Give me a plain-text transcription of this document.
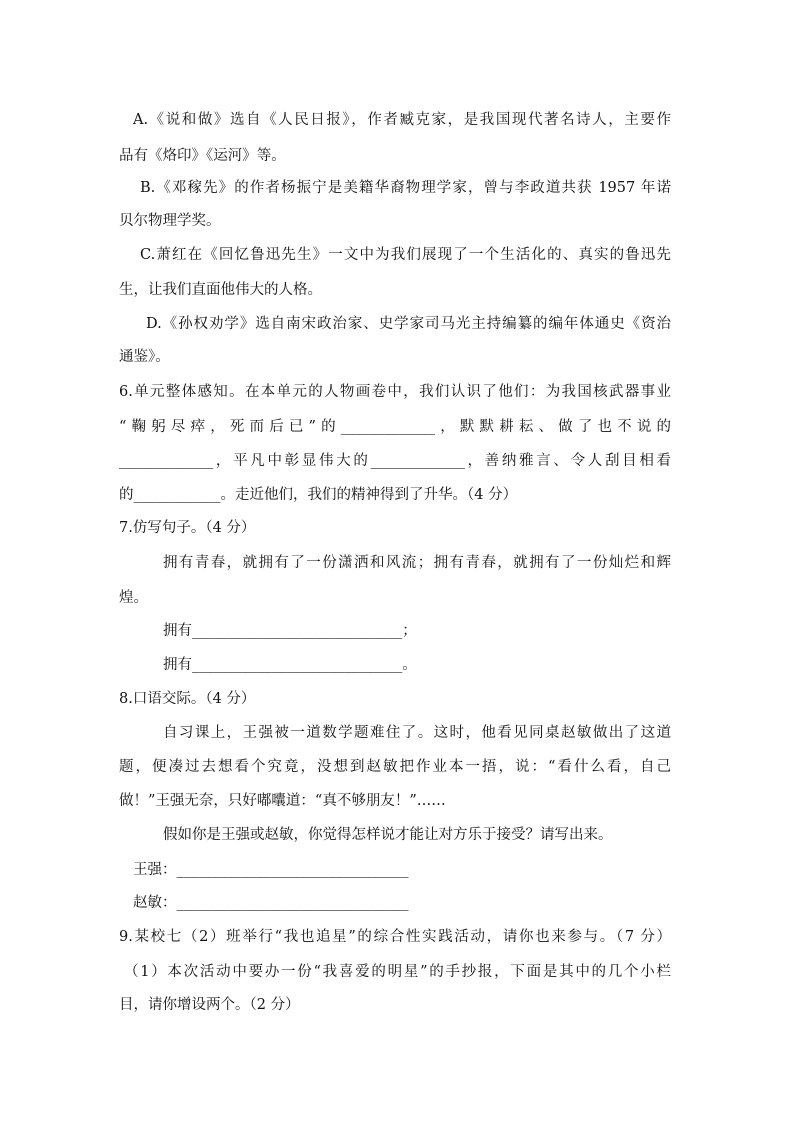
A.《说和做》选自《人民日报》，作者臧克家，是我国现代著名诗人，主要作
品有《烙印》《运河》等。
B.《邓稼先》的作者杨振宁是美籍华裔物理学家，曾与李政道共获 1957 年诺
贝尔物理学奖。
C.萧红在《回忆鲁迅先生》一文中为我们展现了一个生活化的、真实的鲁迅先
生，让我们直面他伟大的人格。
D.《孙权劝学》选自南宋政治家、史学家司马光主持编纂的编年体通史《资治
通鉴》。
6.单元整体感知。在本单元的人物画卷中，我们认识了他们：为我国核武器事业
“鞠躬尽瘁，死而后已”的_____________，默默耕耘、做了也不说的
_____________，平凡中彰显伟大的_____________，善纳雅言、令人刮目相看
的____________。走近他们，我们的精神得到了升华。（4 分）
7.仿写句子。（4 分）
拥有青春，就拥有了一份潇洒和风流；拥有青春，就拥有了一份灿烂和辉
煌。
拥有_____________________________；
拥有_____________________________。
8.口语交际。（4 分）
自习课上，王强被一道数学题难住了。这时，他看见同桌赵敏做出了这道
题，便凑过去想看个究竟，没想到赵敏把作业本一捂，说：“看什么看，自己
做！”王强无奈，只好嘟囔道：“真不够朋友！”……
假如你是王强或赵敏，你觉得怎样说才能让对方乐于接受？请写出来。
王强：________________________________
赵敏：________________________________
9.某校七（2）班举行“我也追星”的综合性实践活动，请你也来参与。（7 分）
（1）本次活动中要办一份“我喜爱的明星”的手抄报，下面是其中的几个小栏
目，请你增设两个。（2 分）
